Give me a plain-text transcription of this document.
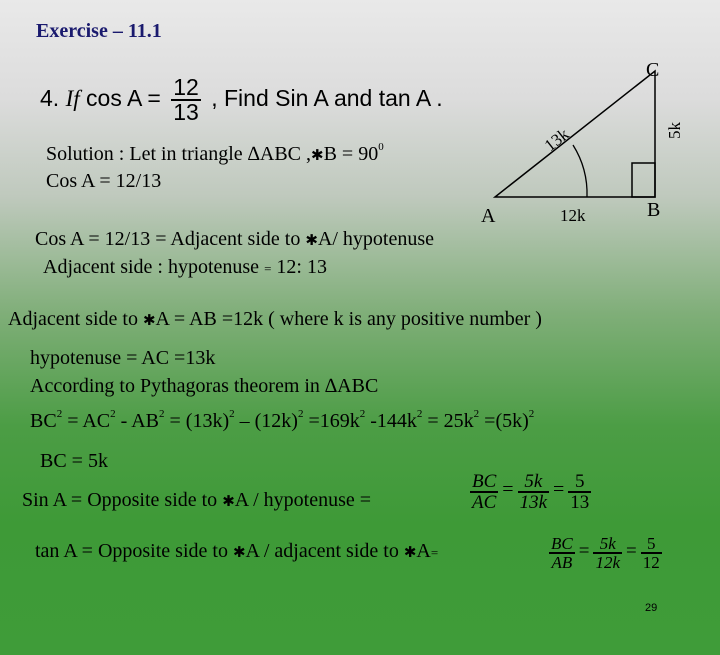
Exercise – 11.1
4. If $\cos A = \frac{12}{13}$ , Find Sin A and tan A .
C
B
12k
5k
13k
A
Solution : Let in triangle ∆ABC ,✱B = $90^0$
Cos A = 12/13
Cos A = 12/13 = Adjacent side to ✱A/ hypotenuse
Adjacent side : hypotenuse = 12: 13
Adjacent side to ✱A = AB =12k ( where k is any positive number )
hypotenuse = AC =13k
According to Pythagoras theorem in ∆ABC
$BC^2 = AC^2 - AB^2 = (13k)^2 - (12k)^2 =169k^2$ $-144k^2 = 25k^2 =(5k)^2$
BC = 5k
Sin A = Opposite side to ✱A / hypotenuse =	$\frac{BC}{AC} = \frac{5k}{13k} = \frac{5}{13}$
tan A = Opposite side to ✱A / adjacent side to ✱A=	$\frac{BC}{AB} = \frac{5k}{12k} = \frac{5}{12}$
29
